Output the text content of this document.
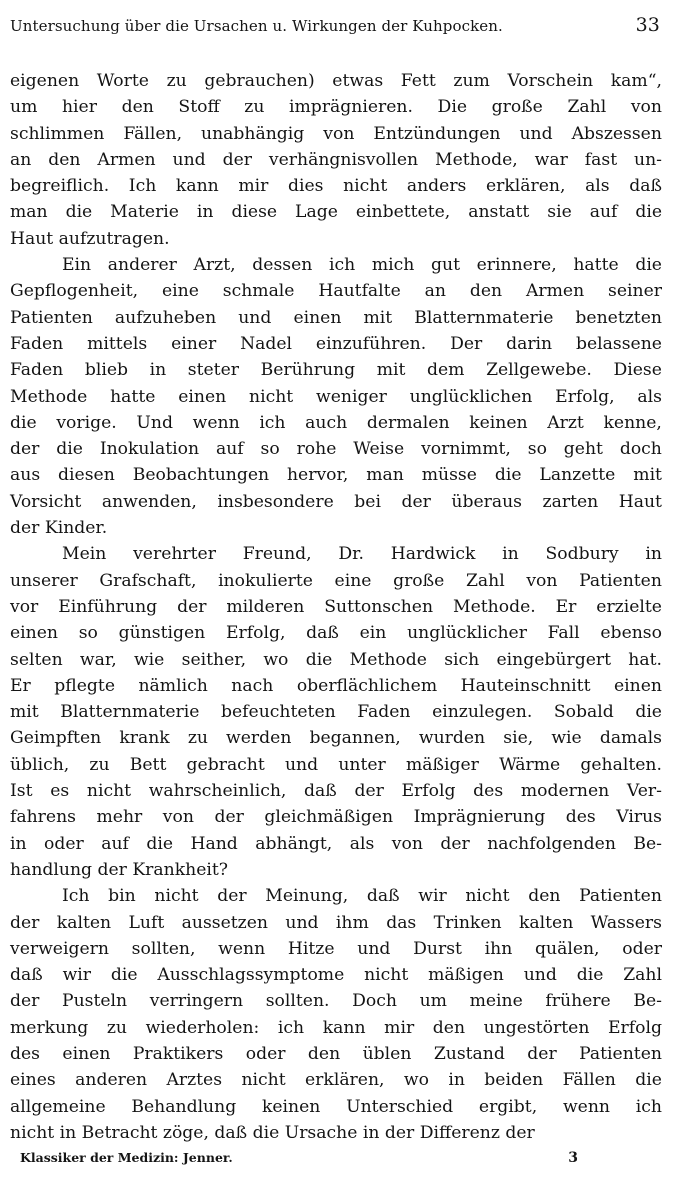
Untersuchung über die Ursachen u. Wirkungen der Kuhpocken.	33
eigenen Worte zu gebrauchen) etwas Fett zum Vorschein kam“,
um hier den Stoff zu imprägnieren. Die große Zahl von
schlimmen Fällen, unabhängig von Entzündungen und Abszessen
an den Armen und der verhängnisvollen Methode, war fast un-
begreiflich. Ich kann mir dies nicht anders erklären, als daß
man die Materie in diese Lage einbettete, anstatt sie auf die
Haut aufzutragen.
Ein anderer Arzt, dessen ich mich gut erinnere, hatte die
Gepflogenheit, eine schmale Hautfalte an den Armen seiner
Patienten aufzuheben und einen mit Blatternmaterie benetzten
Faden mittels einer Nadel einzuführen. Der darin belassene
Faden blieb in steter Berührung mit dem Zellgewebe. Diese
Methode hatte einen nicht weniger unglücklichen Erfolg, als
die vorige. Und wenn ich auch dermalen keinen Arzt kenne,
der die Inokulation auf so rohe Weise vornimmt, so geht doch
aus diesen Beobachtungen hervor, man müsse die Lanzette mit
Vorsicht anwenden, insbesondere bei der überaus zarten Haut
der Kinder.
Mein verehrter Freund, Dr. Hardwick in Sodbury in
unserer Grafschaft, inokulierte eine große Zahl von Patienten
vor Einführung der milderen Suttonschen Methode. Er erzielte
einen so günstigen Erfolg, daß ein unglücklicher Fall ebenso
selten war, wie seither, wo die Methode sich eingebürgert hat.
Er pflegte nämlich nach oberflächlichem Hauteinschnitt einen
mit Blatternmaterie befeuchteten Faden einzulegen. Sobald die
Geimpften krank zu werden begannen, wurden sie, wie damals
üblich, zu Bett gebracht und unter mäßiger Wärme gehalten.
Ist es nicht wahrscheinlich, daß der Erfolg des modernen Ver-
fahrens mehr von der gleichmäßigen Imprägnierung des Virus
in oder auf die Hand abhängt, als von der nachfolgenden Be-
handlung der Krankheit?
Ich bin nicht der Meinung, daß wir nicht den Patienten
der kalten Luft aussetzen und ihm das Trinken kalten Wassers
verweigern sollten, wenn Hitze und Durst ihn quälen, oder
daß wir die Ausschlagssymptome nicht mäßigen und die Zahl
der Pusteln verringern sollten. Doch um meine frühere Be-
merkung zu wiederholen: ich kann mir den ungestörten Erfolg
des einen Praktikers oder den üblen Zustand der Patienten
eines anderen Arztes nicht erklären, wo in beiden Fällen die
allgemeine Behandlung keinen Unterschied ergibt, wenn ich
nicht in Betracht zöge, daß die Ursache in der Differenz der
Klassiker der Medizin: Jenner.	3
